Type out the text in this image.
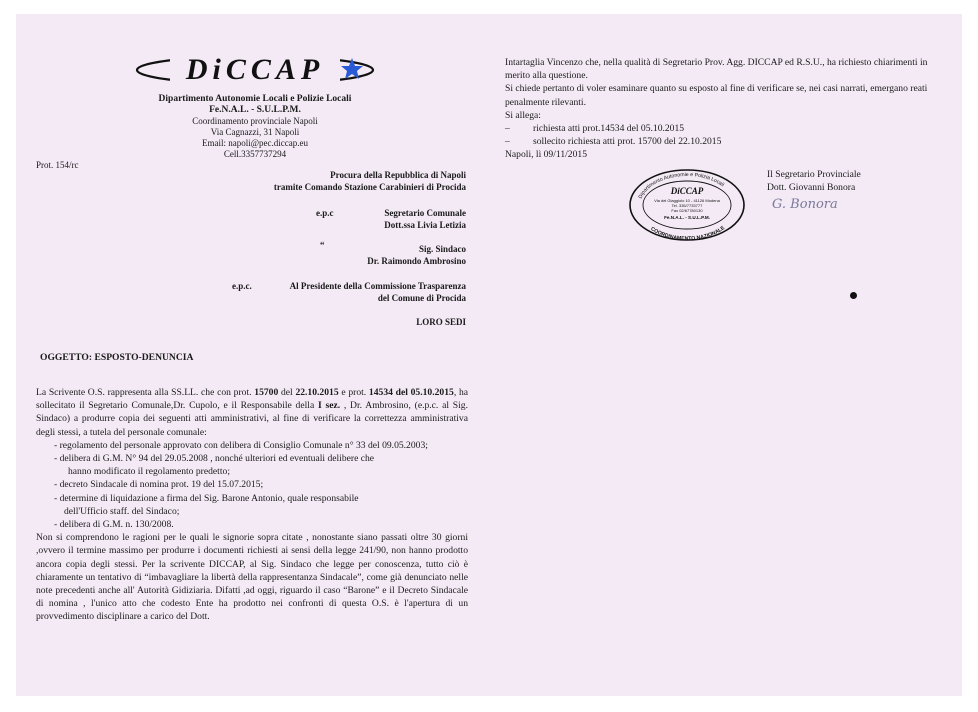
DiCCAP
Dipartimento Autonomie Locali e Polizie Locali
Fe.N.A.L. - S.U.L.P.M.
Coordinamento provinciale Napoli
Via Cagnazzi, 31 Napoli
Email: napoli@pec.diccap.eu
Cell.3357737294
Prot. 154/rc
Procura della Repubblica di Napoli
tramite Comando Stazione Carabinieri di Procida
e.p.c	Segretario Comunale
Dott.ssa Livia Letizia
“	Sig. Sindaco
Dr. Raimondo Ambrosino
e.p.c.	Al Presidente della Commissione Trasparenza
del Comune di Procida
LORO SEDI
OGGETTO: ESPOSTO-DENUNCIA

La Scrivente O.S. rappresenta alla SS.LL. che con prot. 15700 del 22.10.2015 e prot. 14534 del 05.10.2015, ha sollecitato il Segretario Comunale,Dr. Cupolo, e il Responsabile della I sez. , Dr. Ambrosino, (e.p.c. al Sig. Sindaco) a produrre copia dei seguenti atti amministrativi, al fine di verificare la correttezza amministrativa degli stessi, a tutela del personale comunale:

- regolamento del personale approvato con delibera di Consiglio Comunale n° 33 del 09.05.2003;

- delibera di G.M. N° 94 del 29.05.2008 , nonché ulteriori ed eventuali delibere che

hanno modificato il regolamento predetto;

- decreto Sindacale di nomina prot. 19 del 15.07.2015;

- determine di liquidazione a firma del Sig. Barone Antonio, quale responsabile

dell'Ufficio staff. del Sindaco;

- delibera di G.M. n. 130/2008.

Non si comprendono le ragioni per le quali le signorie sopra citate , nonostante siano passati oltre 30 giorni ,ovvero il termine massimo per produrre i documenti richiesti ai sensi della legge 241/90, non hanno prodotto ancora copia degli stessi. Per la scrivente DICCAP, al Sig. Sindaco che legge per conoscenza, tutto ciò è chiaramente un tentativo di “imbavagliare la libertà della rappresentanza Sindacale”, come già denunciato nelle note precedenti anche all' Autorità Gidiziaria. Difatti ,ad oggi, riguardo il caso “Barone” e il Decreto Sindacale di nomina , l'unico atto che codesto Ente ha prodotto nei confronti di questa O.S. è l'apertura di un provvedimento disciplinare a carico del Dott.

Intartaglia Vincenzo che, nella qualità di Segretario Prov. Agg. DICCAP ed R.S.U., ha richiesto chiarimenti in merito alla questione.

Si chiede pertanto di voler esaminare quanto su esposto al fine di verificare se, nei casi narrati, emergano reati penalmente rilevanti.

Si allega:

– richiesta atti prot.14534 del 05.10.2015

– sollecito richiesta atti prot. 15700 del 22.10.2015

Napoli, lì 09/11/2015

Il Segretario Provinciale
Dott. Giovanni Bonora
G. Bonora
Dipartimento Autonomie e Polizia Locali
COORDINAMENTO NAZIONALE
DiCCAP
Via del Giaggiolo 10 - 41126 Modena
Tel. 335/7733777
Fax 02/67780130
Fe.N.A.L. - S.U.L.P.M.
